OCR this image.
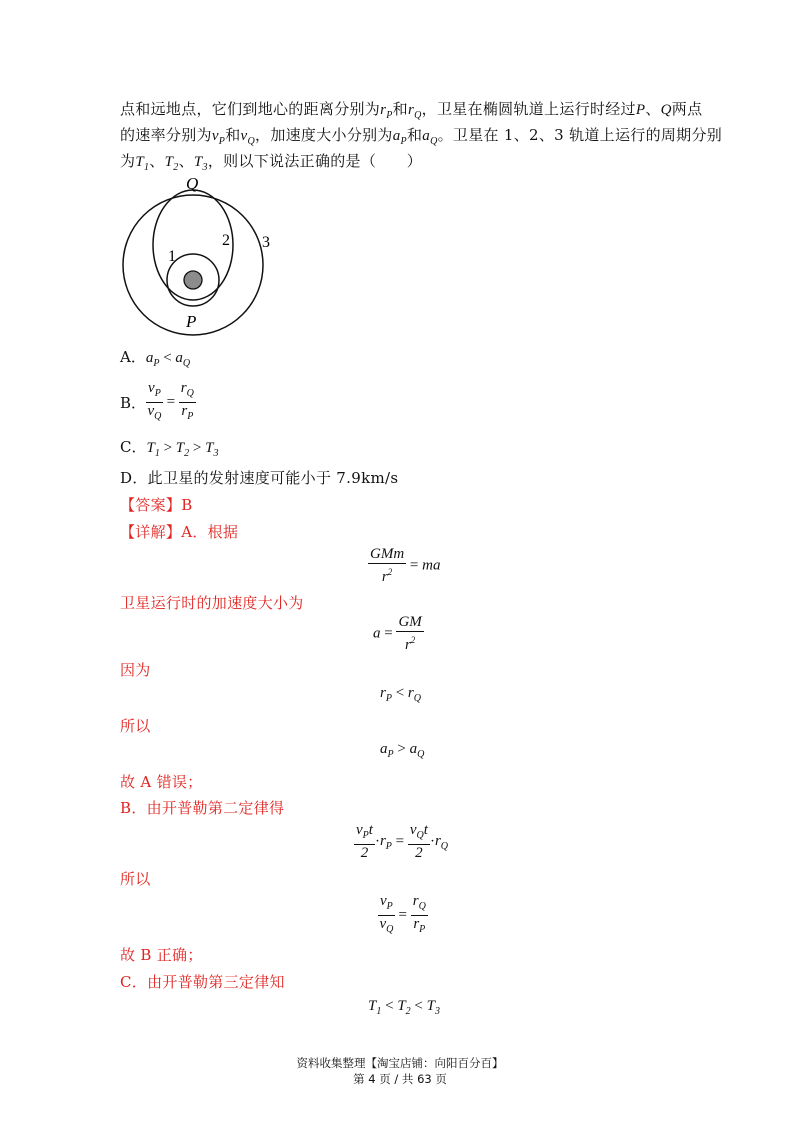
点和远地点，它们到地心的距离分别为$r_P$和$r_Q$，卫星在椭圆轨道上运行时经过P、Q两点
的速率分别为$v_P$和$v_Q$，加速度大小分别为$a_P$和$a_Q$。卫星在 1、2、3 轨道上运行的周期分别
为$T_1$、$T_2$、$T_3$，则以下说法正确的是（　　）
Q
P
1
2 3
A．$a_P < a_Q$
B． $\frac{v_P}{v_Q} = \frac{r_Q}{r_P}$
C．$T_1 > T_2 > T_3$
D．此卫星的发射速度可能小于 7.9km/s
【答案】B
【详解】A．根据
$\frac{\text{GMm}}{r^2}$ = ma
卫星运行时的加速度大小为
$a = \frac{GM}{r^2}$
因为
$r_P < r_Q$
所以
$a_P > a_Q$
故 A 错误；
B．由开普勒第二定律得
$\frac{v_Pt}{2} \cdot r_P = \frac{v_Qt}{2} \cdot r_Q$
所以
$\frac{v_P}{v_Q} = \frac{r_Q}{r_P}$
故 B 正确；
C．由开普勒第三定律知
$T_1 < T_2 < T_3$
资料收集整理【淘宝店铺：向阳百分百】
第 4 页 / 共 63 页
